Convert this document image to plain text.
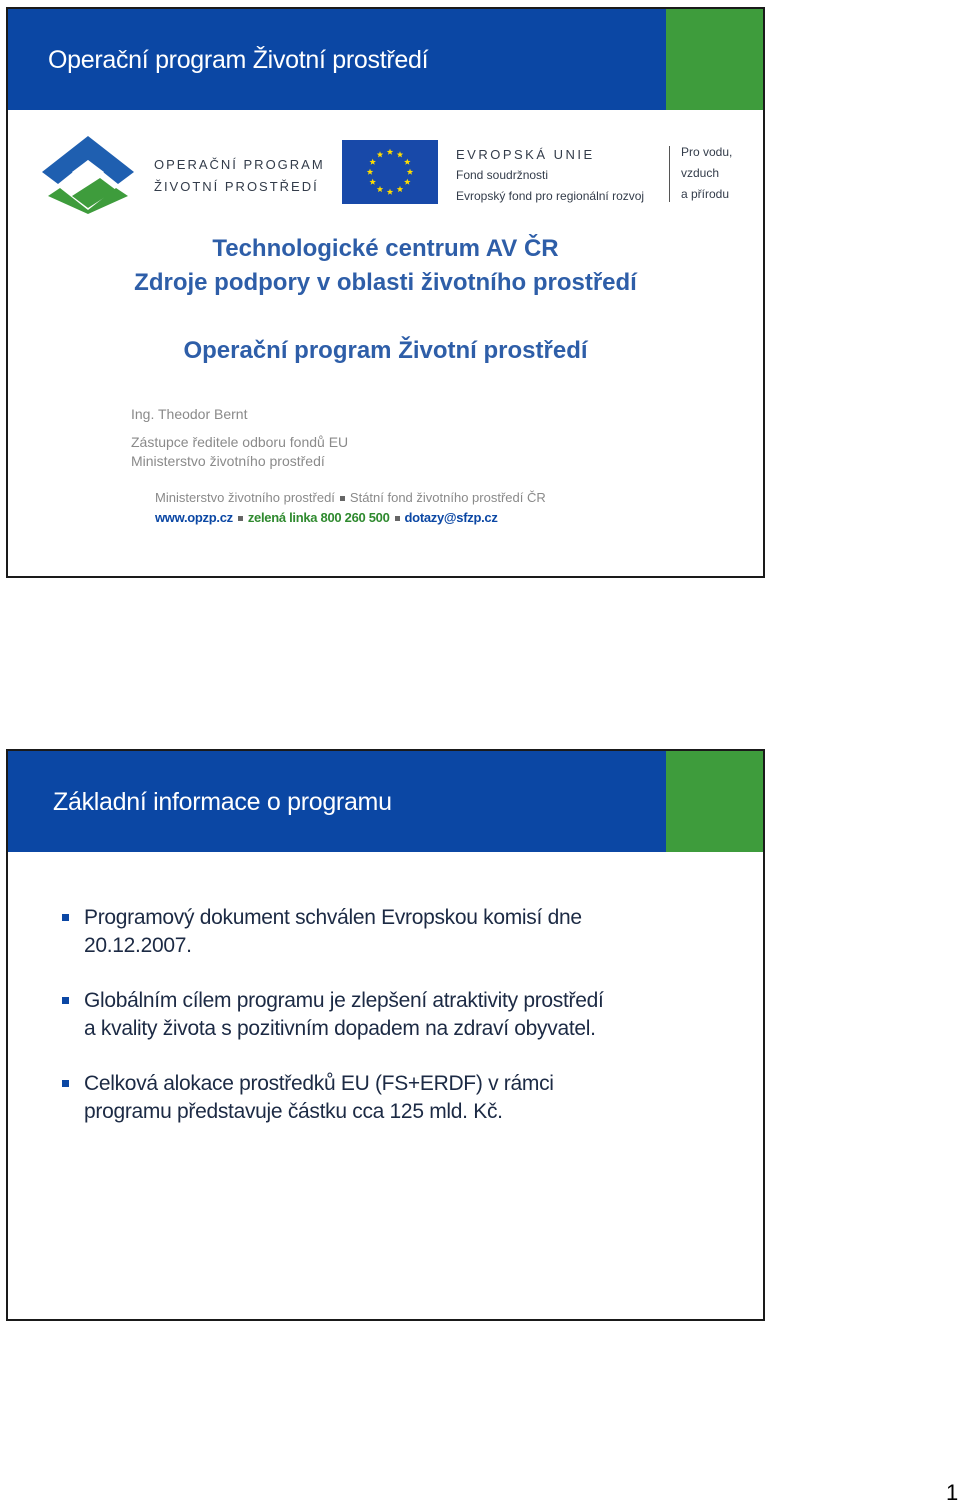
Operační program Životní prostředí
OPERAČNÍ PROGRAM
ŽIVOTNÍ PROSTŘEDÍ
EVROPSKÁ UNIE
Fond soudržnosti
Evropský fond pro regionální rozvoj
Pro vodu,
vzduch
a přírodu
Technologické centrum AV ČR
Zdroje podpory v oblasti životního prostředí
Operační program Životní prostředí
Ing. Theodor Bernt
Zástupce ředitele odboru fondů EU
Ministerstvo životního prostředí
Ministerstvo životního prostředí Státní fond životního prostředí ČR
www.opzp.cz zelená linka 800 260 500 dotazy@sfzp.cz
Základní informace o programu
Programový dokument schválen Evropskou komisí dne
20.12.2007.
Globálním cílem programu je zlepšení atraktivity prostředí
a kvality života s pozitivním dopadem na zdraví obyvatel.
Celková alokace prostředků EU (FS+ERDF) v rámci
programu představuje částku cca 125 mld. Kč.
1
